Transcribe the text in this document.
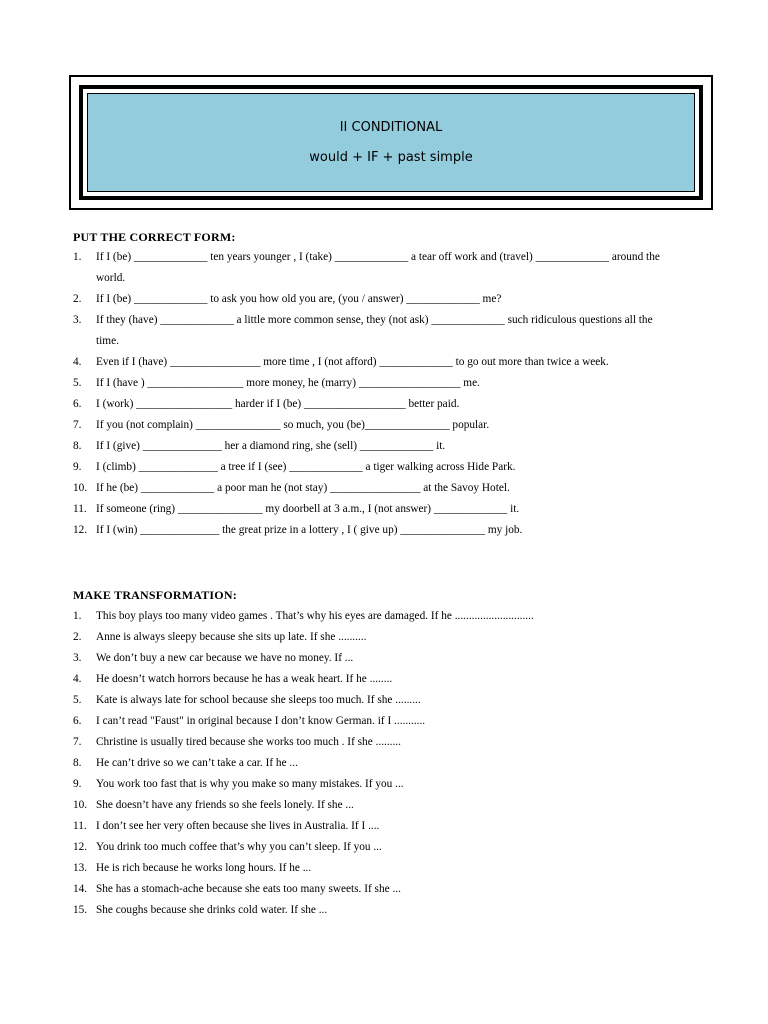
II CONDITIONAL
would + IF + past simple
PUT THE CORRECT FORM:
1. If I (be) _____________ ten years younger , I (take) _____________ a tear off work and (travel) _____________ around the world.
2. If I (be) _____________ to ask you how old you are, (you / answer) _____________ me?
3. If they (have) _____________ a little more common sense, they (not ask) _____________ such ridiculous questions all the time.
4. Even if I (have) ________________ more time , I (not afford) _____________ to go out more than twice a week.
5. If I (have ) _________________ more money, he (marry) __________________ me.
6. I (work) _________________ harder if I (be) __________________ better paid.
7. If you (not complain) _______________ so much, you (be)_______________ popular.
8. If I (give) ______________ her a diamond ring, she (sell) _____________ it.
9. I (climb) ______________ a tree if I (see) _____________ a tiger walking across Hide Park.
10. If he (be) _____________ a poor man he (not stay) ________________ at the Savoy Hotel.
11. If someone (ring) _______________ my doorbell at 3 a.m., I (not answer) _____________ it.
12. If I (win) ______________ the great prize in a lottery , I ( give up) _______________ my job.
MAKE TRANSFORMATION:
1. This boy plays too many video games . That’s why his eyes are damaged. If he ............................
2. Anne is always sleepy because she sits up late. If she ..........
3. We don’t buy a new car because we have no money. If ...
4. He doesn’t watch horrors because he has a weak heart. If he ........
5. Kate is always late for school because she sleeps too much. If she .........
6. I can’t read "Faust" in original because I don’t know German. if I ...........
7. Christine is usually tired because she works too much . If she .........
8. He can’t drive so we can’t take a car. If he ...
9. You work too fast that is why you make so many mistakes. If you ...
10. She doesn’t have any friends so she feels lonely. If she ...
11. I don’t see her very often because she lives in Australia. If I ....
12. You drink too much coffee that’s why you can’t sleep. If you ...
13. He is rich because he works long hours. If he ...
14. She has a stomach-ache because she eats too many sweets. If she ...
15. She coughs because she drinks cold water. If she ...
